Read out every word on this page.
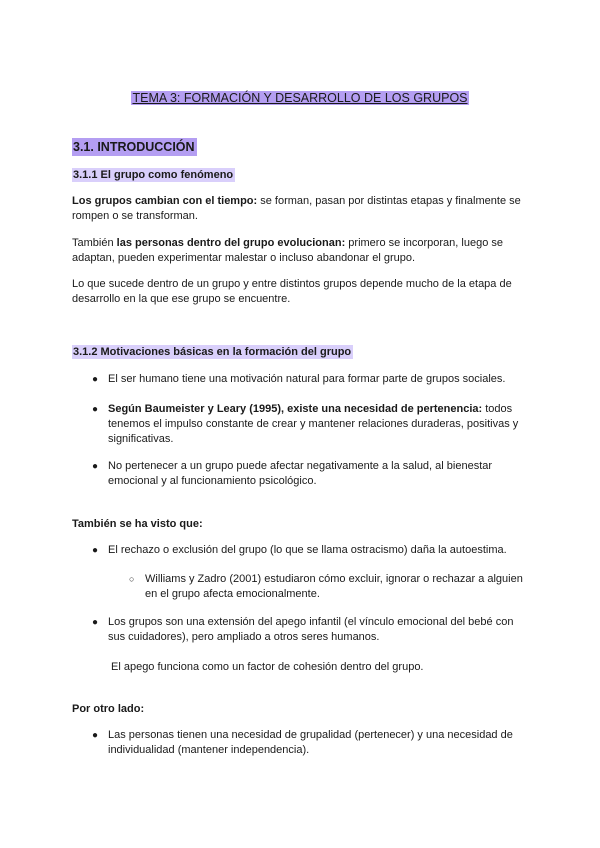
TEMA 3: FORMACIÓN Y DESARROLLO DE LOS GRUPOS
3.1. INTRODUCCIÓN
3.1.1 El grupo como fenómeno
Los grupos cambian con el tiempo: se forman, pasan por distintas etapas y finalmente se rompen o se transforman.
También las personas dentro del grupo evolucionan: primero se incorporan, luego se adaptan, pueden experimentar malestar o incluso abandonar el grupo.
Lo que sucede dentro de un grupo y entre distintos grupos depende mucho de la etapa de desarrollo en la que ese grupo se encuentre.
3.1.2 Motivaciones básicas en la formación del grupo
● El ser humano tiene una motivación natural para formar parte de grupos sociales.
● Según Baumeister y Leary (1995), existe una necesidad de pertenencia: todos tenemos el impulso constante de crear y mantener relaciones duraderas, positivas y significativas.
● No pertenecer a un grupo puede afectar negativamente a la salud, al bienestar emocional y al funcionamiento psicológico.
También se ha visto que:
● El rechazo o exclusión del grupo (lo que se llama ostracismo) daña la autoestima.
○ Williams y Zadro (2001) estudiaron cómo excluir, ignorar o rechazar a alguien en el grupo afecta emocionalmente.
● Los grupos son una extensión del apego infantil (el vínculo emocional del bebé con sus cuidadores), pero ampliado a otros seres humanos.
El apego funciona como un factor de cohesión dentro del grupo.
Por otro lado:
● Las personas tienen una necesidad de grupalidad (pertenecer) y una necesidad de individualidad (mantener independencia).
